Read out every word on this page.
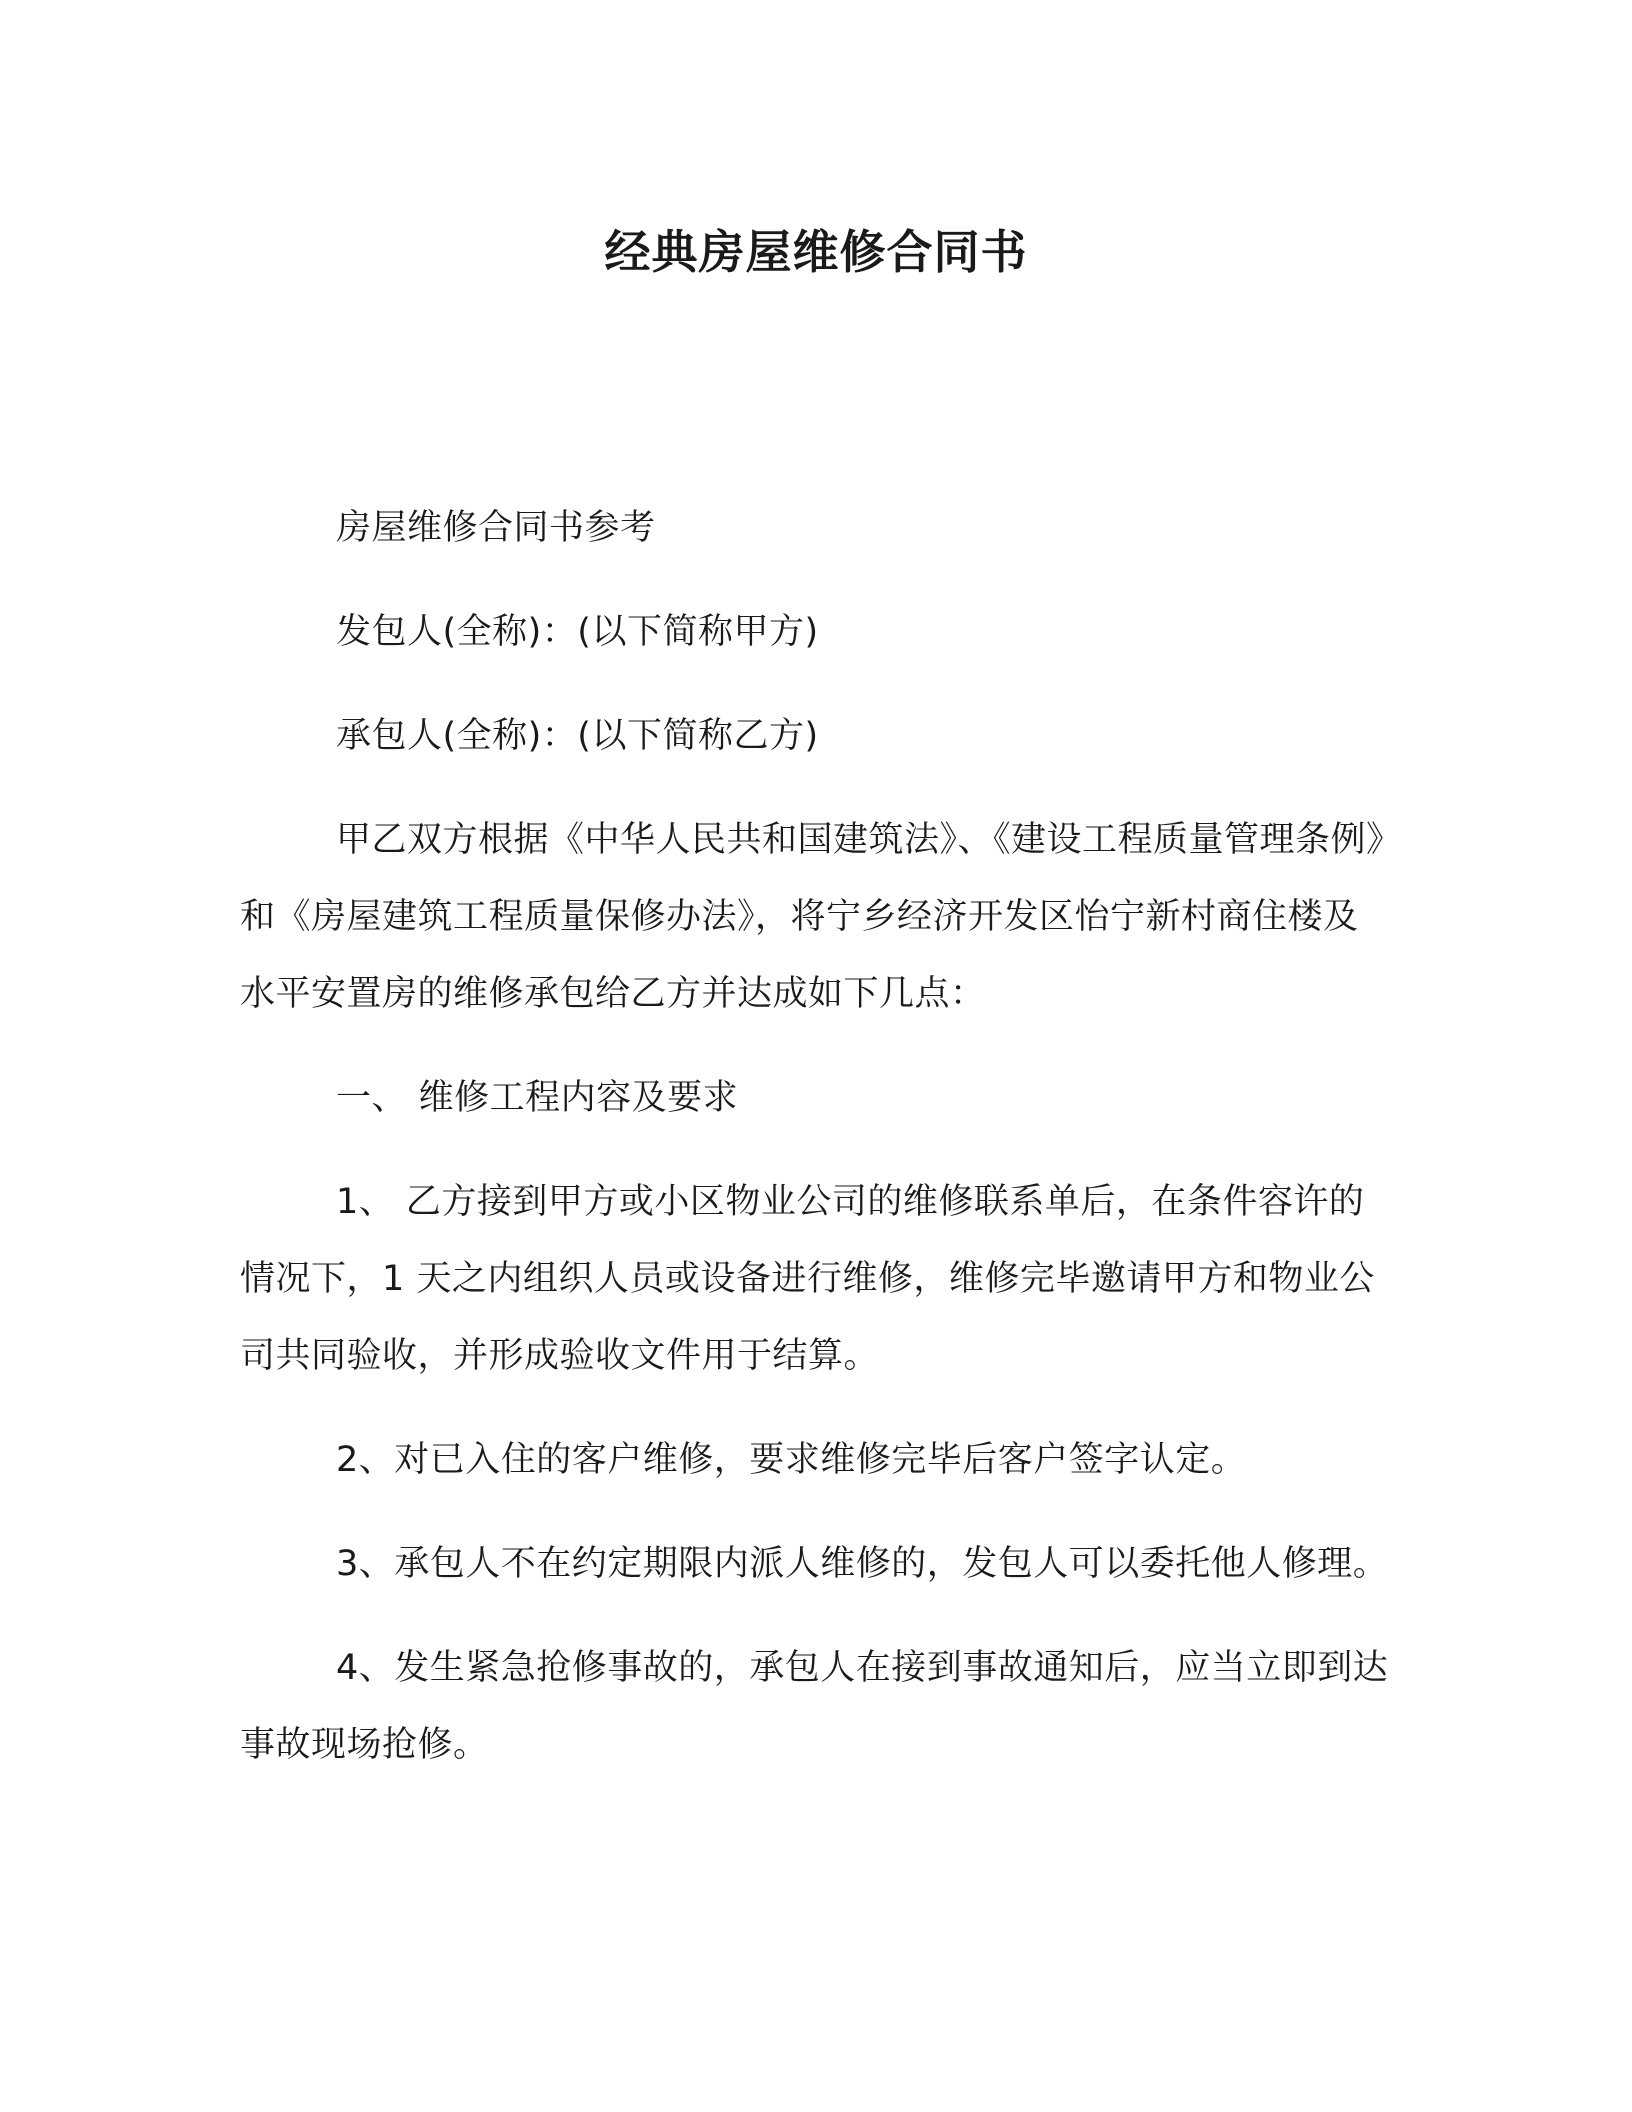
经典房屋维修合同书

房屋维修合同书参考

发包人(全称)：(以下简称甲方)

承包人(全称)：(以下简称乙方)

甲乙双方根据《中华人民共和国建筑法》、《建设工程质量管理条例》和《房屋建筑工程质量保修办法》，将宁乡经济开发区怡宁新村商住楼及水平安置房的维修承包给乙方并达成如下几点：

一、 维修工程内容及要求

1、 乙方接到甲方或小区物业公司的维修联系单后，在条件容许的情况下，1 天之内组织人员或设备进行维修，维修完毕邀请甲方和物业公司共同验收，并形成验收文件用于结算。

2、对已入住的客户维修，要求维修完毕后客户签字认定。

3、承包人不在约定期限内派人维修的，发包人可以委托他人修理。

4、发生紧急抢修事故的，承包人在接到事故通知后，应当立即到达事故现场抢修。
